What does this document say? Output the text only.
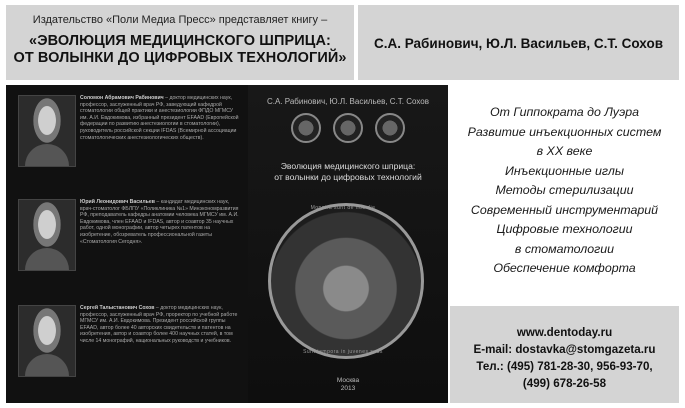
Издательство «Поли Медиа Пресс» представляет книгу –
«ЭВОЛЮЦИЯ МЕДИЦИНСКОГО ШПРИЦА:
ОТ ВОЛЫНКИ ДО ЦИФРОВЫХ ТЕХНОЛОГИЙ»
С.А. Рабинович, Ю.Л. Васильев, С.Т. Сохов
Соломон Абрамович Рабинович – доктор медицинских наук, профессор, заслуженный врач РФ, заведующий кафедрой стоматологии общей практики и анестезиологии ФПДО МГМСУ им. А.И. Евдокимова, избранный президент EFAAD (Европейской федерации по развитию анестезиологии в стоматологии), руководитель российской секции IFDAS (Всемирной ассоциации стоматологических анестезиологических обществ).
Юрий Леонидович Васильев – кандидат медицинских наук, врач-стоматолог ФБЛПУ «Поликлиника №1» Минэкономразвития РФ, преподаватель кафедры анатомии человека МГМСУ им. А.И. Евдокимова, член EFAAD и IFDAS, автор и соавтор 35 научных работ, одной монографии, автор четырех патентов на изобретение, обозреватель профессиональной газеты «Стоматология Сегодня».
Сергей Талыстанович Сохов – доктор медицинских наук, профессор, заслуженный врач РФ, проректор по учебной работе МГМСУ им. А.И. Евдокимова. Президент российской группы EFAAD, автор более 40 авторских свидетельств и патентов на изобретения, автор и соавтор более 400 научных статей, в том числе 14 монографий, национальных руководств и учебников.
С.А. Рабинович, Ю.Л. Васильев, С.Т. Сохов
Эволюция медицинского шприца:
от волынки до цифровых технологий
Monstra sunt de hoc die
Sunt tempora in juvenes suas
Москва
2013
От Гиппократа до Луэра
Развитие инъекционных систем
в ХХ веке
Инъекционные иглы
Методы стерилизации
Современный инструментарий
Цифровые технологии
в стоматологии
Обеспечение комфорта
www.dentoday.ru
E-mail: dostavka@stomgazeta.ru
Тел.: (495) 781-28-30, 956-93-70,
(499) 678-26-58
